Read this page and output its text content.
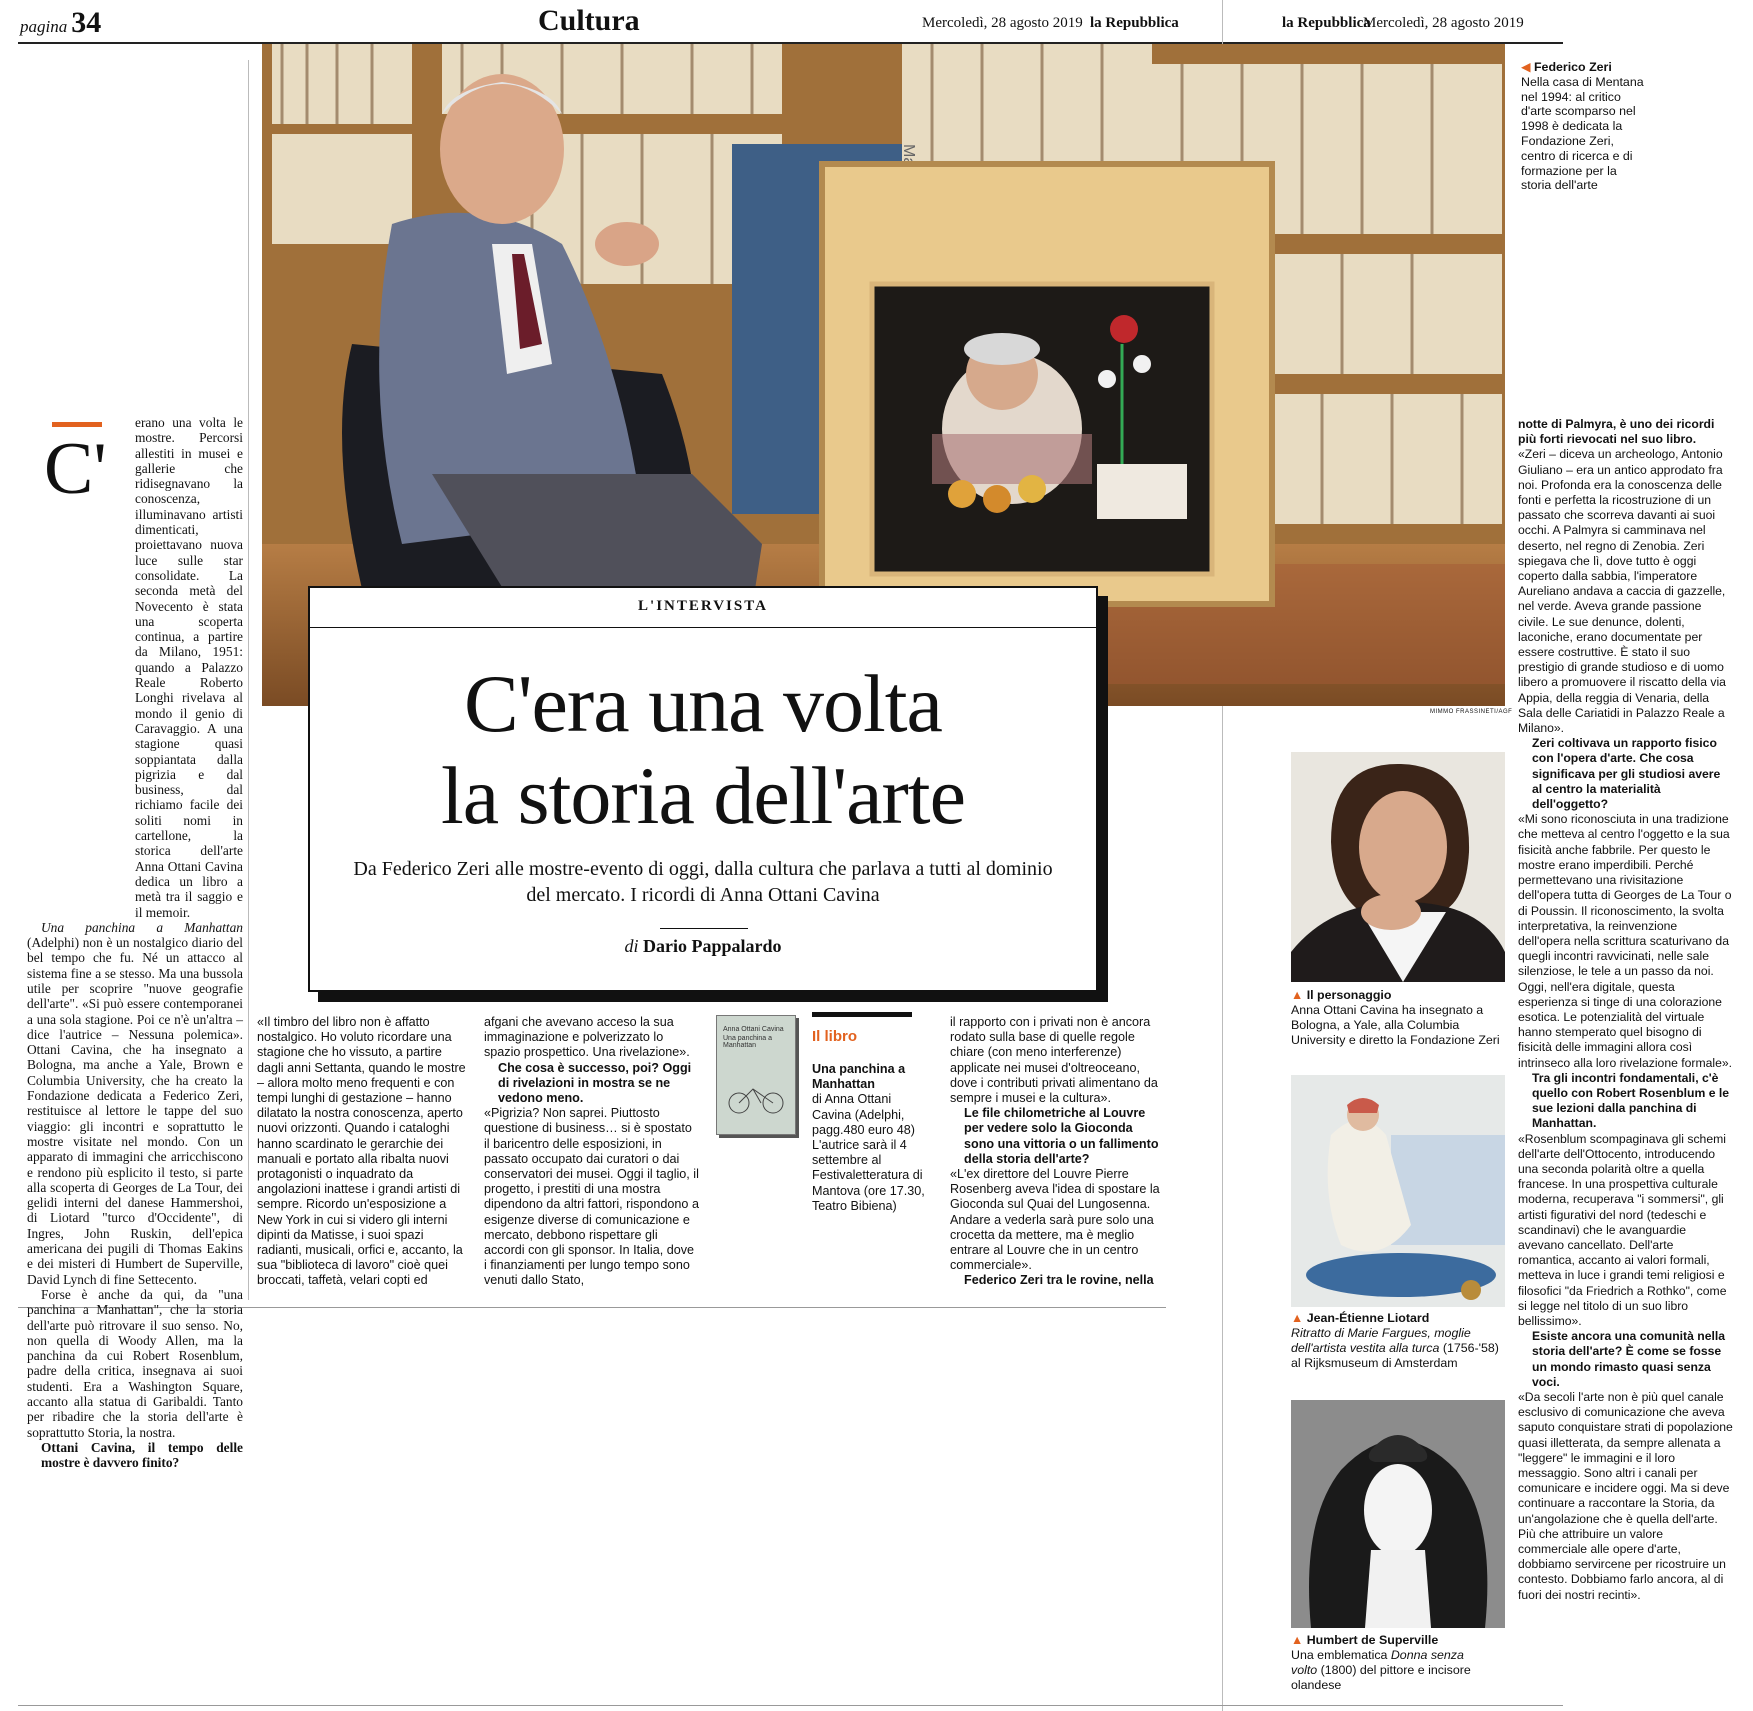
pagina 34	Cultura	Mercoledì, 28 agosto 2019 la Repubblica	la Repubblica
Mercoledì, 28 agosto 2019
MIMMO FRASSINETI/AGF
◀ Federico Zeri
Nella casa di Mentana nel 1994: al critico d'arte scomparso nel 1998 è dedicata la Fondazione Zeri, centro di ricerca e di formazione per la storia dell'arte
C'

erano una volta le mostre. Percorsi allestiti in musei e gallerie che ridisegnavano la conoscenza, illuminavano artisti dimenticati, proiettavano nuova luce sulle star consolidate. La seconda metà del Novecento è stata una scoperta continua, a partire da Milano, 1951: quando a Palazzo Reale Roberto Longhi rivelava al mondo il genio di Caravaggio. A una stagione quasi soppiantata dalla pigrizia e dal business, dal richiamo facile dei soliti nomi in cartellone, la storica dell'arte Anna Ottani Cavina dedica un libro a metà tra il saggio e il memoir.

Una panchina a Manhattan (Adelphi) non è un nostalgico diario del bel tempo che fu. Né un attacco al sistema fine a se stesso. Ma una bussola utile per scoprire "nuove geografie dell'arte". «Si può essere contemporanei a una sola stagione. Poi ce n'è un'altra – dice l'autrice – Nessuna polemica». Ottani Cavina, che ha insegnato a Bologna, ma anche a Yale, Brown e Columbia University, che ha creato la Fondazione dedicata a Federico Zeri, restituisce al lettore le tappe del suo viaggio: gli incontri e soprattutto le mostre visitate nel mondo. Con un apparato di immagini che arricchiscono e rendono più esplicito il testo, si parte alla scoperta di Georges de La Tour, dei gelidi interni del danese Hammershoi, di Liotard "turco d'Occidente", di Ingres, John Ruskin, dell'epica americana dei pugili di Thomas Eakins e dei misteri di Humbert de Superville, David Lynch di fine Settecento.

Forse è anche da qui, da "una panchina a Manhattan", che la storia dell'arte può ritrovare il suo senso. No, non quella di Woody Allen, ma la panchina da cui Robert Rosenblum, padre della critica, insegnava ai suoi studenti. Era a Washington Square, accanto alla statua di Garibaldi. Tanto per ribadire che la storia dell'arte è soprattutto Storia, la nostra.

Ottani Cavina, il tempo delle mostre è davvero finito?

L'INTERVISTA
C'era una volta
la storia dell'arte
Da Federico Zeri alle mostre-evento di oggi, dalla cultura che parlava a tutti al dominio del mercato. I ricordi di Anna Ottani Cavina
di Dario Pappalardo

«Il timbro del libro non è affatto nostalgico. Ho voluto ricordare una stagione che ho vissuto, a partire dagli anni Settanta, quando le mostre – allora molto meno frequenti e con tempi lunghi di gestazione – hanno dilatato la nostra conoscenza, aperto nuovi orizzonti. Quando i cataloghi hanno scardinato le gerarchie dei manuali e portato alla ribalta nuovi protagonisti o inquadrato da angolazioni inattese i grandi artisti di sempre. Ricordo un'esposizione a New York in cui si videro gli interni dipinti da Matisse, i suoi spazi radianti, musicali, orfici e, accanto, la sua "biblioteca di lavoro" cioè quei broccati, taffetà, velari copti ed

afgani che avevano acceso la sua immaginazione e polverizzato lo spazio prospettico. Una rivelazione».

Che cosa è successo, poi? Oggi di rivelazioni in mostra se ne vedono meno.

«Pigrizia? Non saprei. Piuttosto questione di business… si è spostato il baricentro delle esposizioni, in passato occupato dai curatori o dai conservatori dei musei. Oggi il taglio, il progetto, i prestiti di una mostra dipendono da altri fattori, rispondono a esigenze diverse di comunicazione e mercato, debbono rispettare gli accordi con gli sponsor. In Italia, dove i finanziamenti per lungo tempo sono venuti dallo Stato,

Anna Ottani Cavina
Una panchina a Manhattan
Il libro
Una panchina a Manhattan
di Anna Ottani Cavina (Adelphi, pagg.480 euro 48) L'autrice sarà il 4 settembre al Festivaletteratura di Mantova (ore 17.30, Teatro Bibiena)

il rapporto con i privati non è ancora rodato sulla base di quelle regole chiare (con meno interferenze) applicate nei musei d'oltreoceano, dove i contributi privati alimentano da sempre i musei e la cultura».

Le file chilometriche al Louvre per vedere solo la Gioconda sono una vittoria o un fallimento della storia dell'arte?

«L'ex direttore del Louvre Pierre Rosenberg aveva l'idea di spostare la Gioconda sul Quai del Lungosenna. Andare a vederla sarà pure solo una crocetta da mettere, ma è meglio entrare al Louvre che in un centro commerciale».

Federico Zeri tra le rovine, nella

▲ Il personaggio
Anna Ottani Cavina ha insegnato a Bologna, a Yale, alla Columbia University e diretto la Fondazione Zeri
▲ Jean-Étienne Liotard
Ritratto di Marie Fargues, moglie dell'artista vestita alla turca (1756-'58) al Rijksmuseum di Amsterdam
▲ Humbert de Superville
Una emblematica Donna senza volto (1800) del pittore e incisore olandese

notte di Palmyra, è uno dei ricordi più forti rievocati nel suo libro.

«Zeri – diceva un archeologo, Antonio Giuliano – era un antico approdato fra noi. Profonda era la conoscenza delle fonti e perfetta la ricostruzione di un passato che scorreva davanti ai suoi occhi. A Palmyra si camminava nel deserto, nel regno di Zenobia. Zeri spiegava che lì, dove tutto è oggi coperto dalla sabbia, l'imperatore Aureliano andava a caccia di gazzelle, nel verde. Aveva grande passione civile. Le sue denunce, dolenti, laconiche, erano documentate per essere costruttive. È stato il suo prestigio di grande studioso e di uomo libero a promuovere il riscatto della via Appia, della reggia di Venaria, della Sala delle Cariatidi in Palazzo Reale a Milano».

Zeri coltivava un rapporto fisico con l'opera d'arte. Che cosa significava per gli studiosi avere al centro la materialità dell'oggetto?

«Mi sono riconosciuta in una tradizione che metteva al centro l'oggetto e la sua fisicità anche fabbrile. Per questo le mostre erano imperdibili. Perché permettevano una rivisitazione dell'opera tutta di Georges de La Tour o di Poussin. Il riconoscimento, la svolta interpretativa, la reinvenzione dell'opera nella scrittura scaturivano da quegli incontri ravvicinati, nelle sale silenziose, le tele a un passo da noi. Oggi, nell'era digitale, questa esperienza si tinge di una colorazione esotica. Le potenzialità del virtuale hanno stemperato quel bisogno di fisicità delle immagini allora così intrinseco alla loro rivelazione formale».

Tra gli incontri fondamentali, c'è quello con Robert Rosenblum e le sue lezioni dalla panchina di Manhattan.

«Rosenblum scompaginava gli schemi dell'arte dell'Ottocento, introducendo una seconda polarità oltre a quella francese. In una prospettiva culturale moderna, recuperava "i sommersi", gli artisti figurativi del nord (tedeschi e scandinavi) che le avanguardie avevano cancellato. Dell'arte romantica, accanto ai valori formali, metteva in luce i grandi temi religiosi e filosofici "da Friedrich a Rothko", come si legge nel titolo di un suo libro bellissimo».

Esiste ancora una comunità nella storia dell'arte? È come se fosse un mondo rimasto quasi senza voci.

«Da secoli l'arte non è più quel canale esclusivo di comunicazione che aveva saputo conquistare strati di popolazione quasi illetterata, da sempre allenata a "leggere" le immagini e il loro messaggio. Sono altri i canali per comunicare e incidere oggi. Ma si deve continuare a raccontare la Storia, da un'angolazione che è quella dell'arte. Più che attribuire un valore commerciale alle opere d'arte, dobbiamo servircene per ricostruire un contesto. Dobbiamo farlo ancora, al di fuori dei nostri recinti».
